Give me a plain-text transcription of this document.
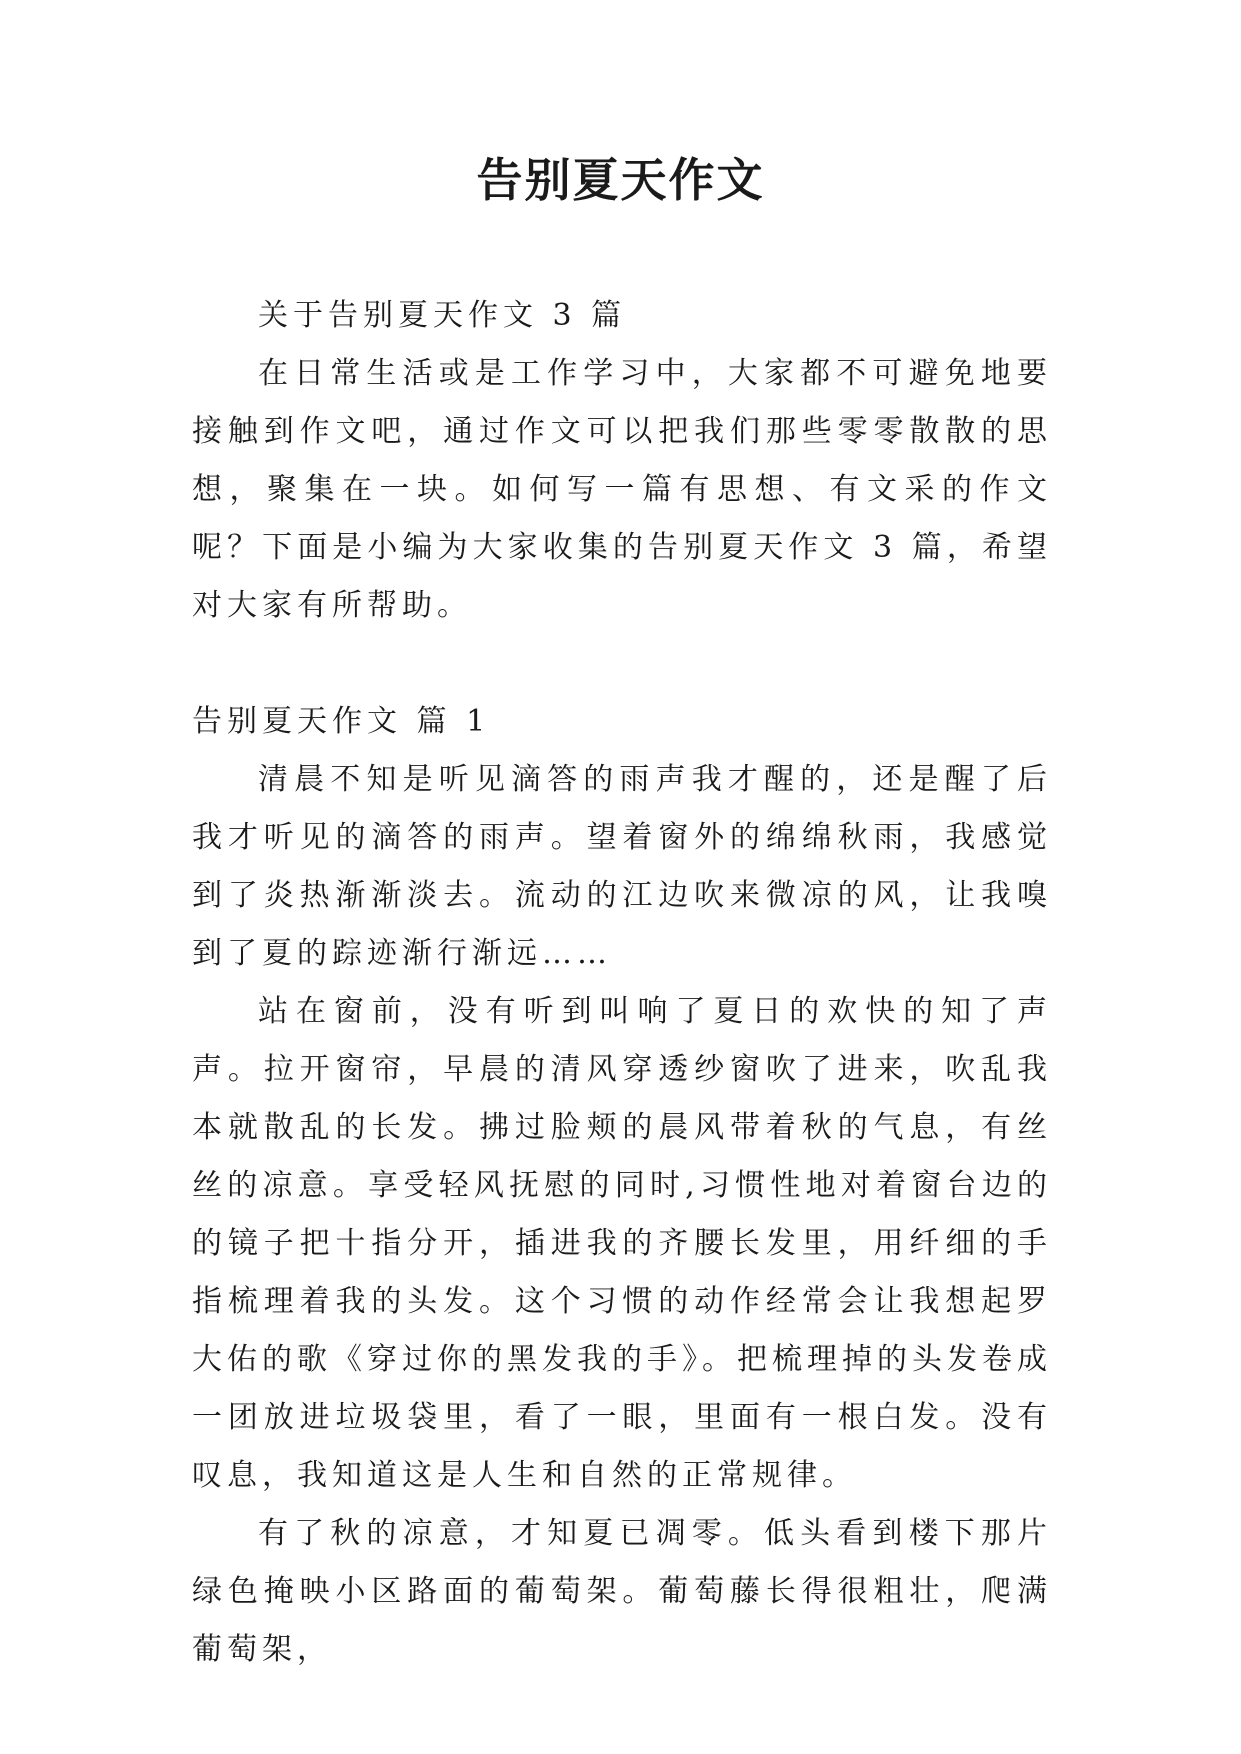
告别夏天作文

关于告别夏天作文 3 篇

在日常生活或是工作学习中，大家都不可避免地要接触到作文吧，通过作文可以把我们那些零零散散的思想，聚集在一块。如何写一篇有思想、有文采的作文呢？下面是小编为大家收集的告别夏天作文 3 篇，希望对大家有所帮助。

告别夏天作文 篇 1

清晨不知是听见滴答的雨声我才醒的，还是醒了后我才听见的滴答的雨声。望着窗外的绵绵秋雨，我感觉到了炎热渐渐淡去。流动的江边吹来微凉的风，让我嗅到了夏的踪迹渐行渐远……

站在窗前，没有听到叫响了夏日的欢快的知了声声。拉开窗帘，早晨的清风穿透纱窗吹了进来，吹乱我本就散乱的长发。拂过脸颊的晨风带着秋的气息，有丝丝的凉意。享受轻风抚慰的同时,习惯性地对着窗台边的的镜子把十指分开，插进我的齐腰长发里，用纤细的手指梳理着我的头发。这个习惯的动作经常会让我想起罗大佑的歌《穿过你的黑发我的手》。把梳理掉的头发卷成一团放进垃圾袋里，看了一眼，里面有一根白发。没有叹息，我知道这是人生和自然的正常规律。

有了秋的凉意，才知夏已凋零。低头看到楼下那片绿色掩映小区路面的葡萄架。葡萄藤长得很粗壮，爬满葡萄架，
